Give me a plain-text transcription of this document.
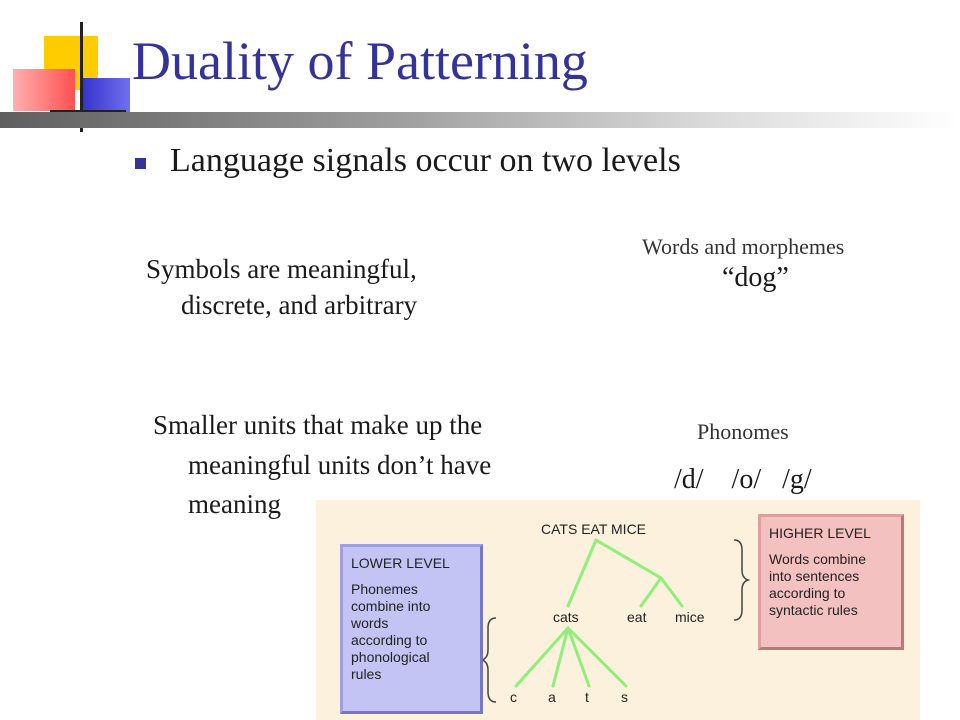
Duality of Patterning
Language signals occur on two levels
Symbols are meaningful,
discrete, and arbitrary
Words and morphemes
“dog”
Smaller units that make up the
meaningful units don’t have
meaning
Phonomes
/d/    /o/   /g/
CATS EAT MICE
cats	eat mice
c a t s
LOWER LEVEL
Phonemes
combine into
words
according to
phonological
rules
HIGHER LEVEL
Words combine
into sentences
according to
syntactic rules
